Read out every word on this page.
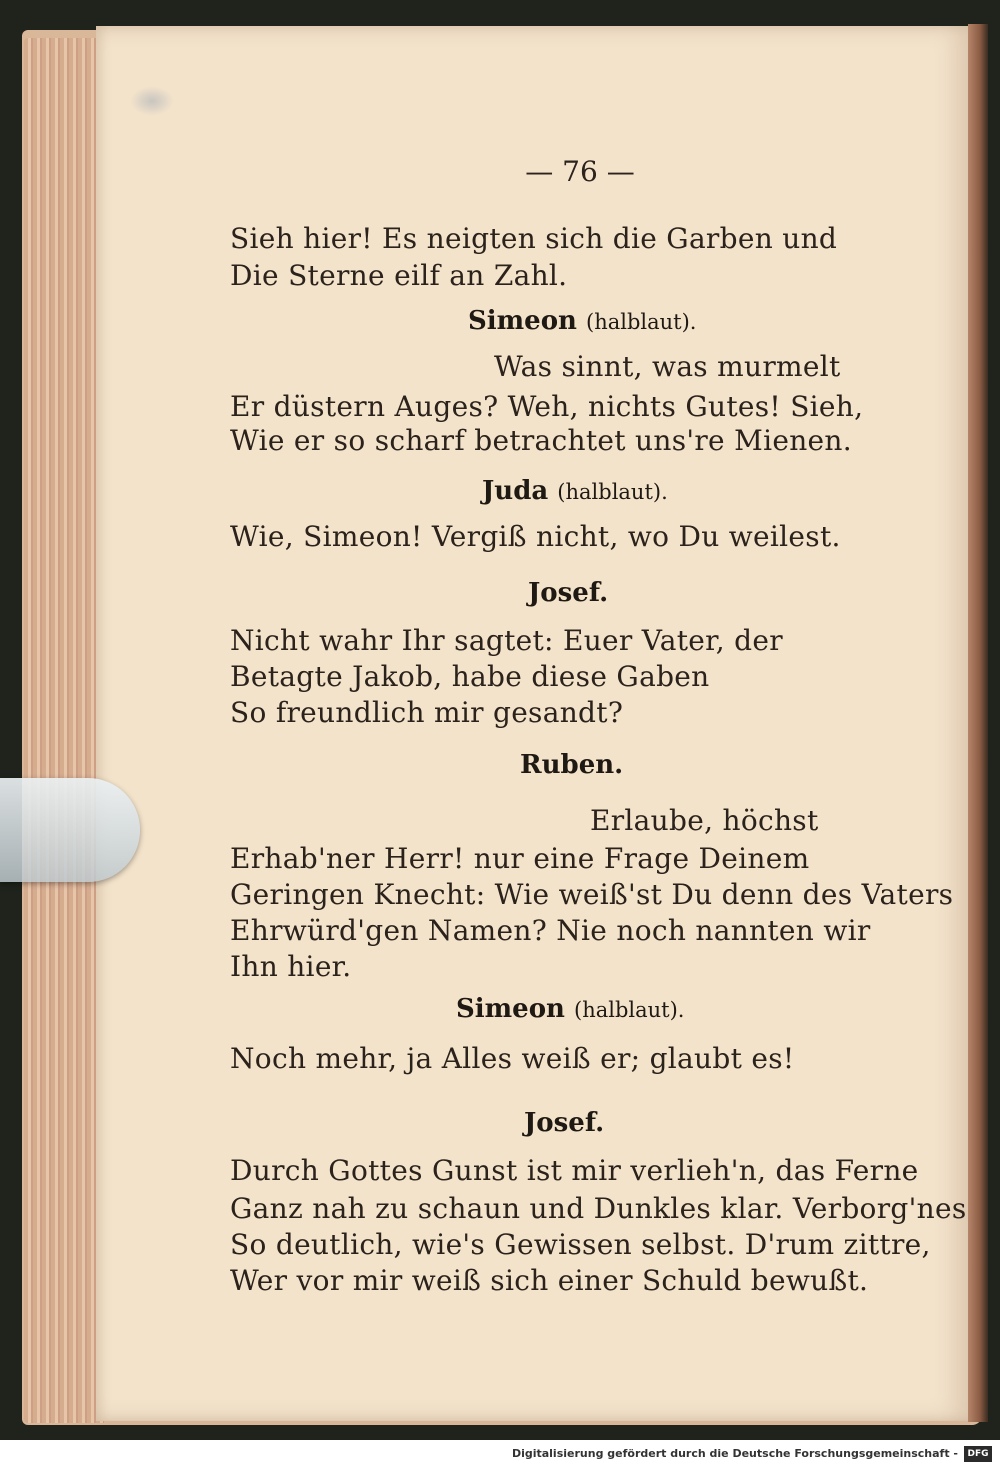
— 76 —
Sieh hier! Es neigten sich die Garben und
Die Sterne eilf an Zahl.
Simeon (halblaut).
Was sinnt, was murmelt
Er düstern Auges? Weh, nichts Gutes! Sieh,
Wie er so scharf betrachtet uns're Mienen.
Juda (halblaut).
Wie, Simeon! Vergiß nicht, wo Du weilest.
Josef.
Nicht wahr Ihr sagtet: Euer Vater, der
Betagte Jakob, habe diese Gaben
So freundlich mir gesandt?
Ruben.
Erlaube, höchst
Erhab'ner Herr! nur eine Frage Deinem
Geringen Knecht: Wie weiß'st Du denn des Vaters
Ehrwürd'gen Namen? Nie noch nannten wir
Ihn hier.
Simeon (halblaut).
Noch mehr, ja Alles weiß er; glaubt es!
Josef.
Durch Gottes Gunst ist mir verlieh'n, das Ferne
Ganz nah zu schaun und Dunkles klar. Verborg'nes
So deutlich, wie's Gewissen selbst. D'rum zittre,
Wer vor mir weiß sich einer Schuld bewußt.
Digitalisierung gefördert durch die Deutsche Forschungsgemeinschaft -	DFG
